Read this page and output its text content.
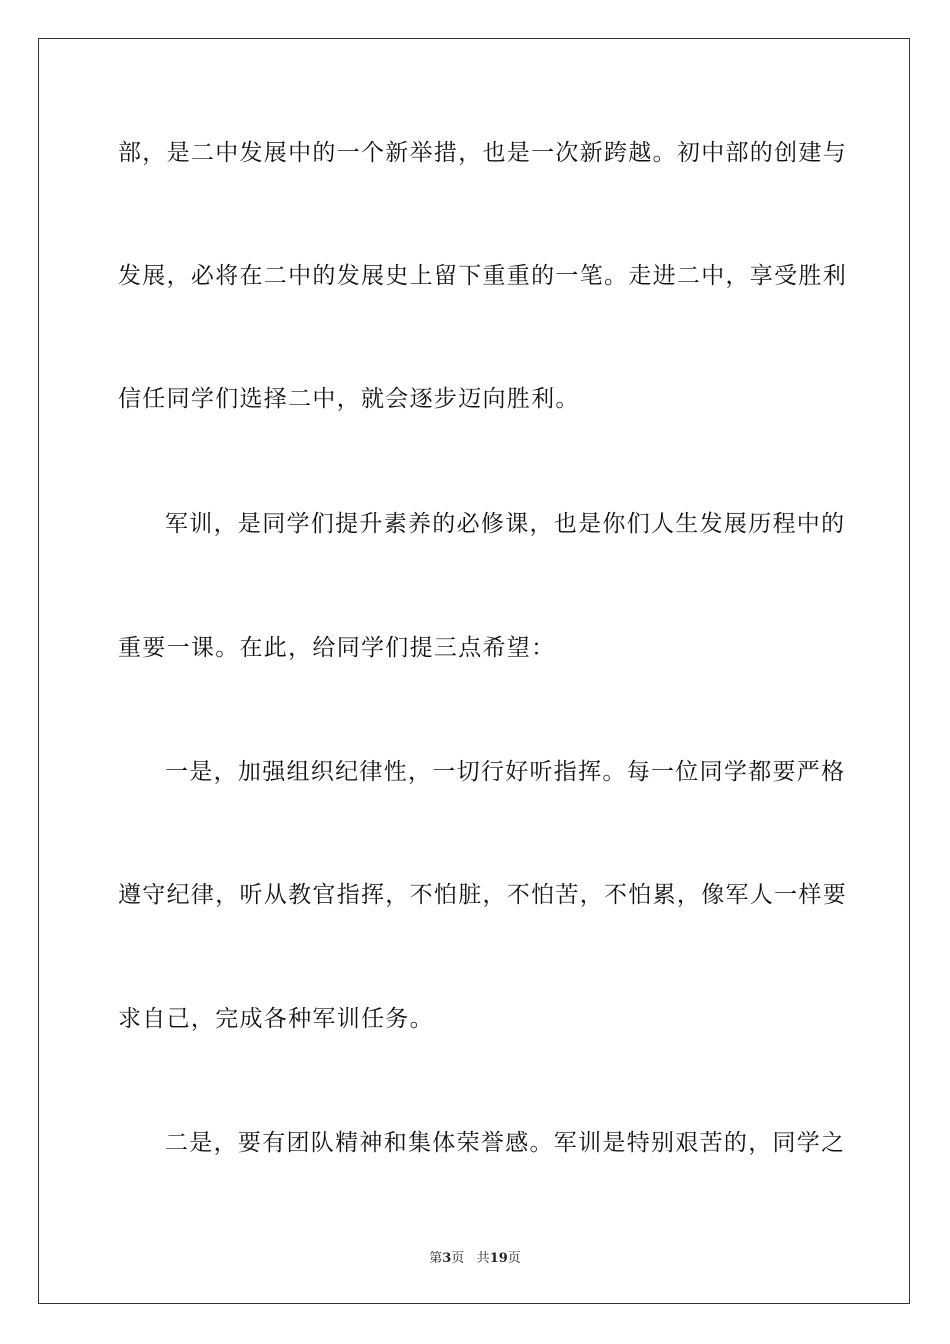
部，是二中发展中的一个新举措，也是一次新跨越。初中部的创建与
发展，必将在二中的发展史上留下重重的一笔。走进二中，享受胜利
信任同学们选择二中，就会逐步迈向胜利。
军训，是同学们提升素养的必修课，也是你们人生发展历程中的
重要一课。在此，给同学们提三点希望：
一是，加强组织纪律性，一切行好听指挥。每一位同学都要严格
遵守纪律，听从教官指挥，不怕脏，不怕苦，不怕累，像军人一样要
求自己，完成各种军训任务。
二是，要有团队精神和集体荣誉感。军训是特别艰苦的，同学之
第3页 共19页
